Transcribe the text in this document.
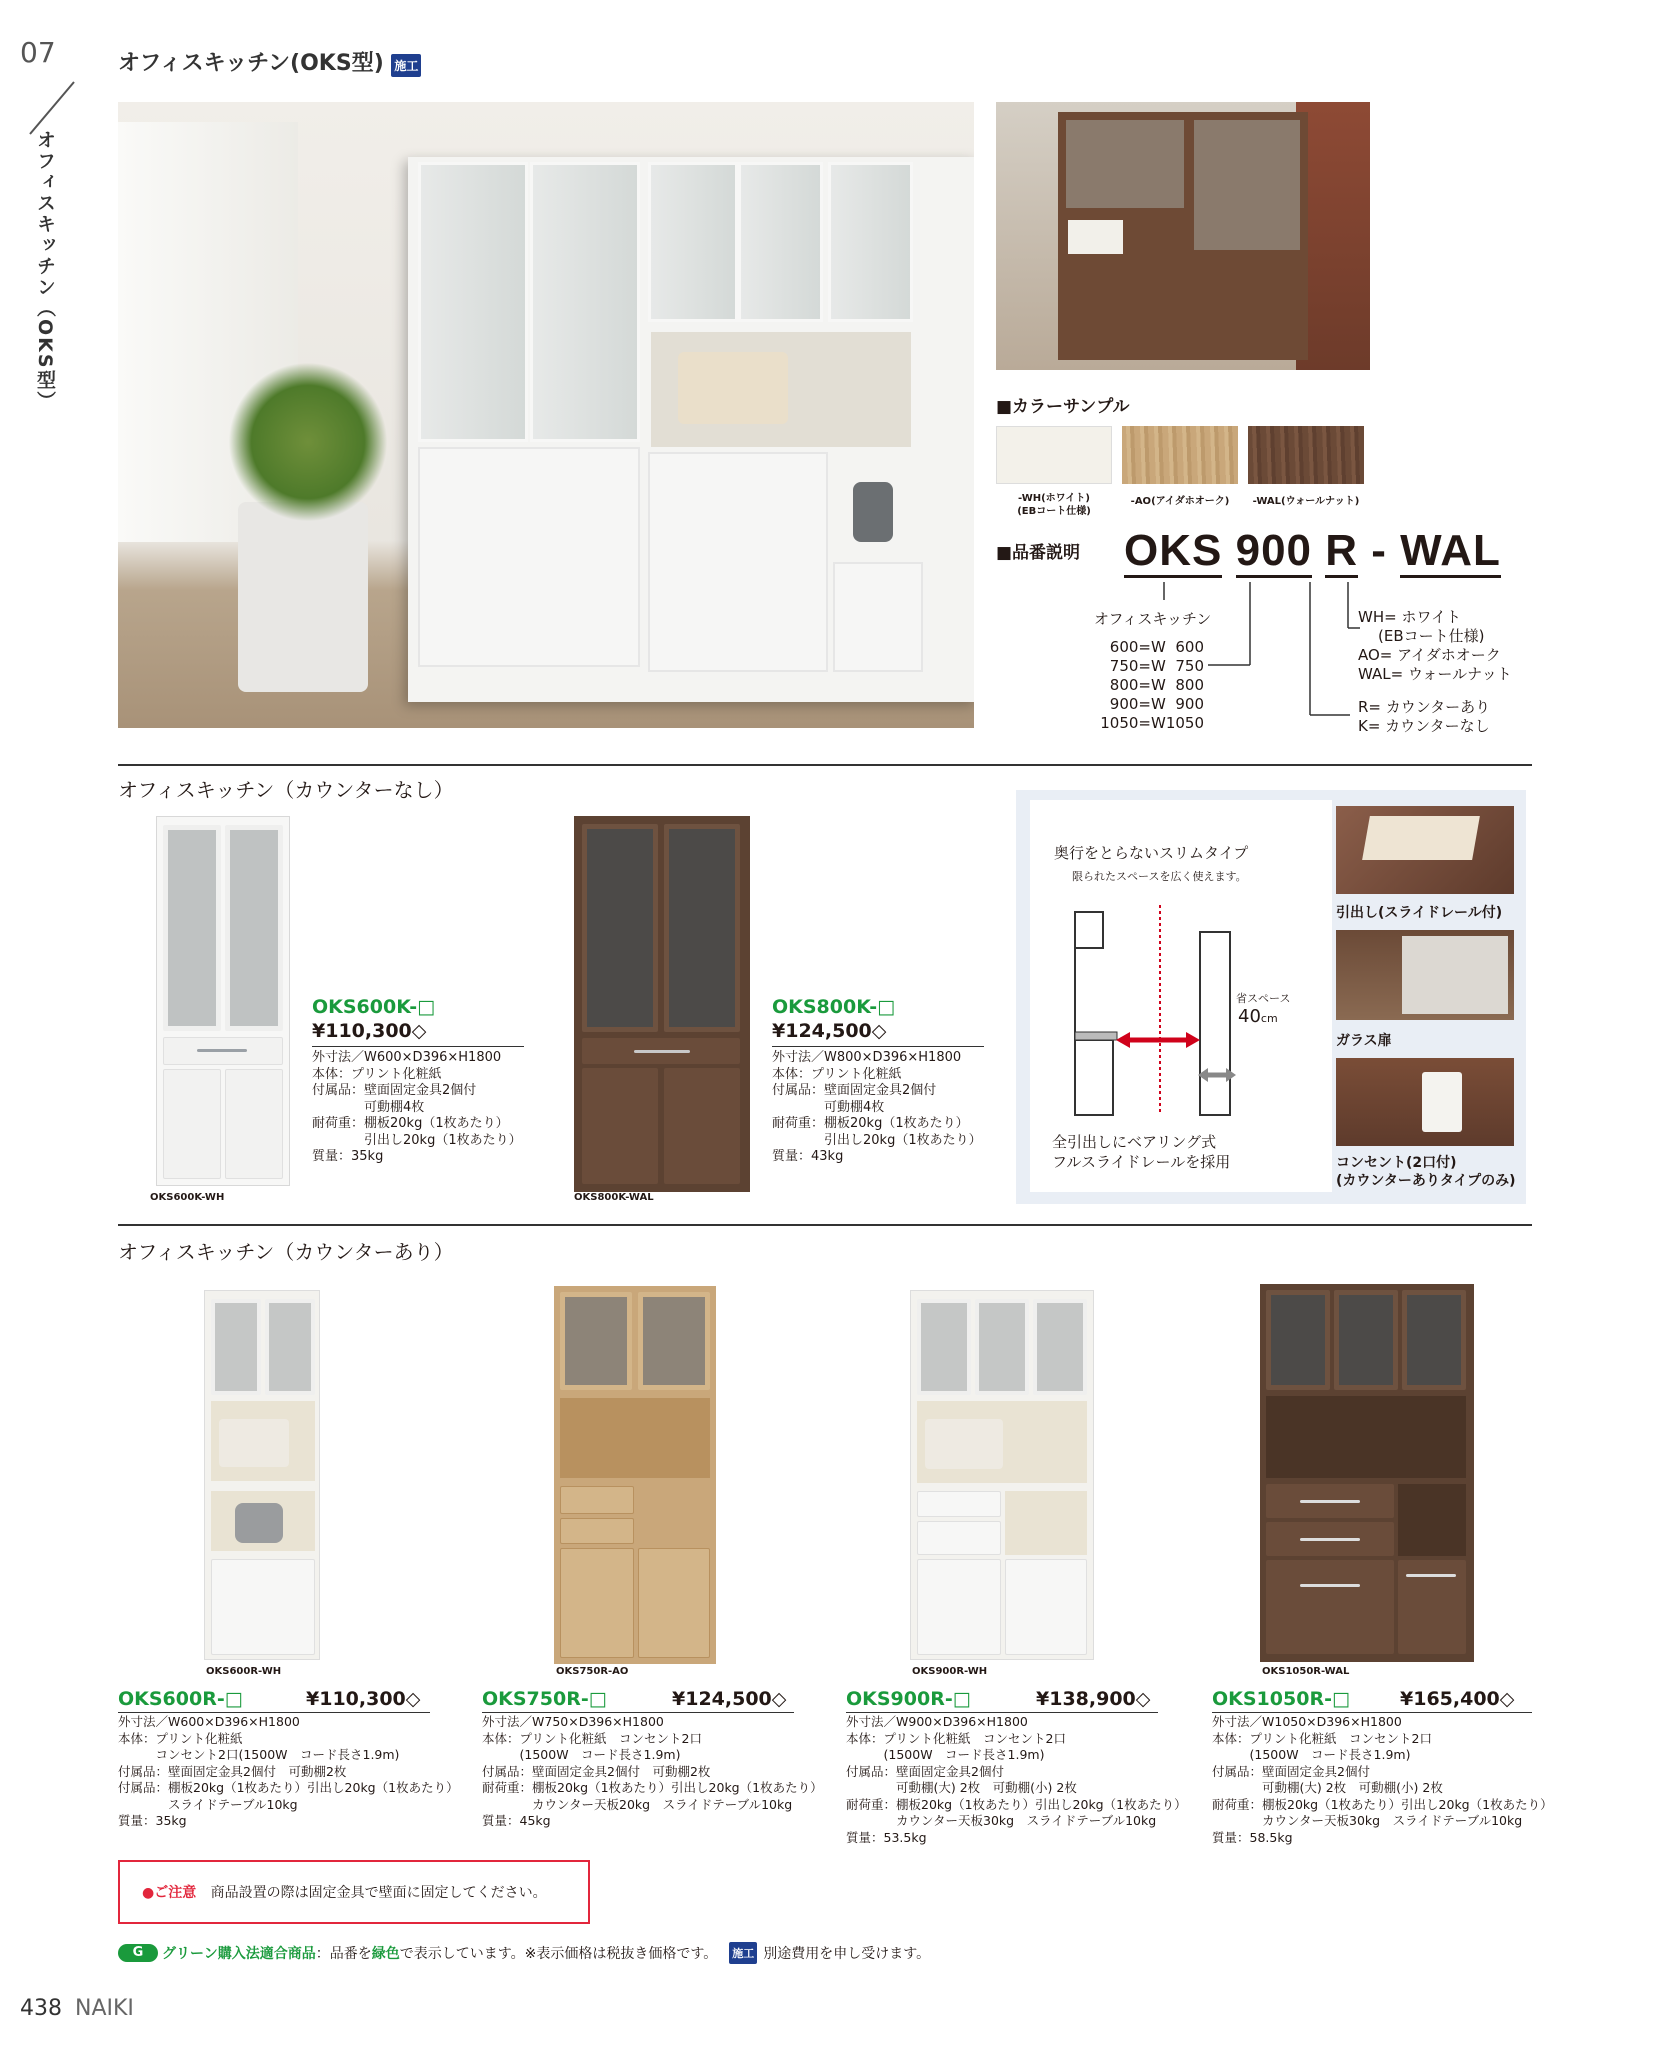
07
オフィスキッチン（OKS型）
オフィスキッチン(OKS型) 施工
■カラーサンプル
-WH(ホワイト)
(EBコート仕様)
-AO(アイダホオーク)	-WAL(ウォールナット)
■品番説明 OKS 900 R - WAL
オフィスキッチン
600=W  600
750=W  750
800=W  800
900=W  900
1050=W1050
WH= ホワイト
(EBコート仕様)
AO= アイダホオーク
WAL= ウォールナット
R= カウンターあり
K= カウンターなし
オフィスキッチン（カウンターなし）
OKS600K-WH
OKS600K-□
¥110,300◇
外寸法／W600×D396×H1800
本体：プリント化粧紙
付属品：壁面固定金具2個付
　　　　可動棚4枚
耐荷重：棚板20kg（1枚あたり）
　　　　引出し20kg（1枚あたり）
質量：35kg
OKS800K-WAL
OKS800K-□
¥124,500◇
外寸法／W800×D396×H1800
本体：プリント化粧紙
付属品：壁面固定金具2個付
　　　　可動棚4枚
耐荷重：棚板20kg（1枚あたり）
　　　　引出し20kg（1枚あたり）
質量：43kg
奥行をとらないスリムタイプ
限られたスペースを広く使えます。
省スペース
40cm
全引出しにベアリング式
フルスライドレールを採用
引出し(スライドレール付)
ガラス扉
コンセント(2口付)
(カウンターありタイプのみ)
オフィスキッチン（カウンターあり）
OKS600R-WH	OKS750R-AO	OKS900R-WH	OKS1050R-WAL
OKS600R-□	¥110,300◇
外寸法／W600×D396×H1800
本体：プリント化粧紙
　　　コンセント2口(1500W　コード長さ1.9m)
付属品：壁面固定金具2個付　可動棚2枚
付属品：棚板20kg（1枚あたり）引出し20kg（1枚あたり）
　　　　スライドテーブル10kg
質量：35kg
OKS750R-□	¥124,500◇
外寸法／W750×D396×H1800
本体：プリント化粧紙　コンセント2口
　　　(1500W　コード長さ1.9m)
付属品：壁面固定金具2個付　可動棚2枚
耐荷重：棚板20kg（1枚あたり）引出し20kg（1枚あたり）
　　　　カウンター天板20kg　スライドテーブル10kg
質量：45kg
OKS900R-□	¥138,900◇
外寸法／W900×D396×H1800
本体：プリント化粧紙　コンセント2口
　　　(1500W　コード長さ1.9m)
付属品：壁面固定金具2個付
　　　　可動棚(大) 2枚　可動棚(小) 2枚
耐荷重：棚板20kg（1枚あたり）引出し20kg（1枚あたり）
　　　　カウンター天板30kg　スライドテーブル10kg
質量：53.5kg
OKS1050R-□	¥165,400◇
外寸法／W1050×D396×H1800
本体：プリント化粧紙　コンセント2口
　　　(1500W　コード長さ1.9m)
付属品：壁面固定金具2個付
　　　　可動棚(大) 2枚　可動棚(小) 2枚
耐荷重：棚板20kg（1枚あたり）引出し20kg（1枚あたり）
　　　　カウンター天板30kg　スライドテーブル10kg
質量：58.5kg
●ご注意 商品設置の際は固定金具で壁面に固定してください。
G	グリーン購入法適合商品 ：品番を 緑色 で表示しています。※表示価格は税抜き価格です。 施工 別途費用を申し受けます。
438 NAIKI
